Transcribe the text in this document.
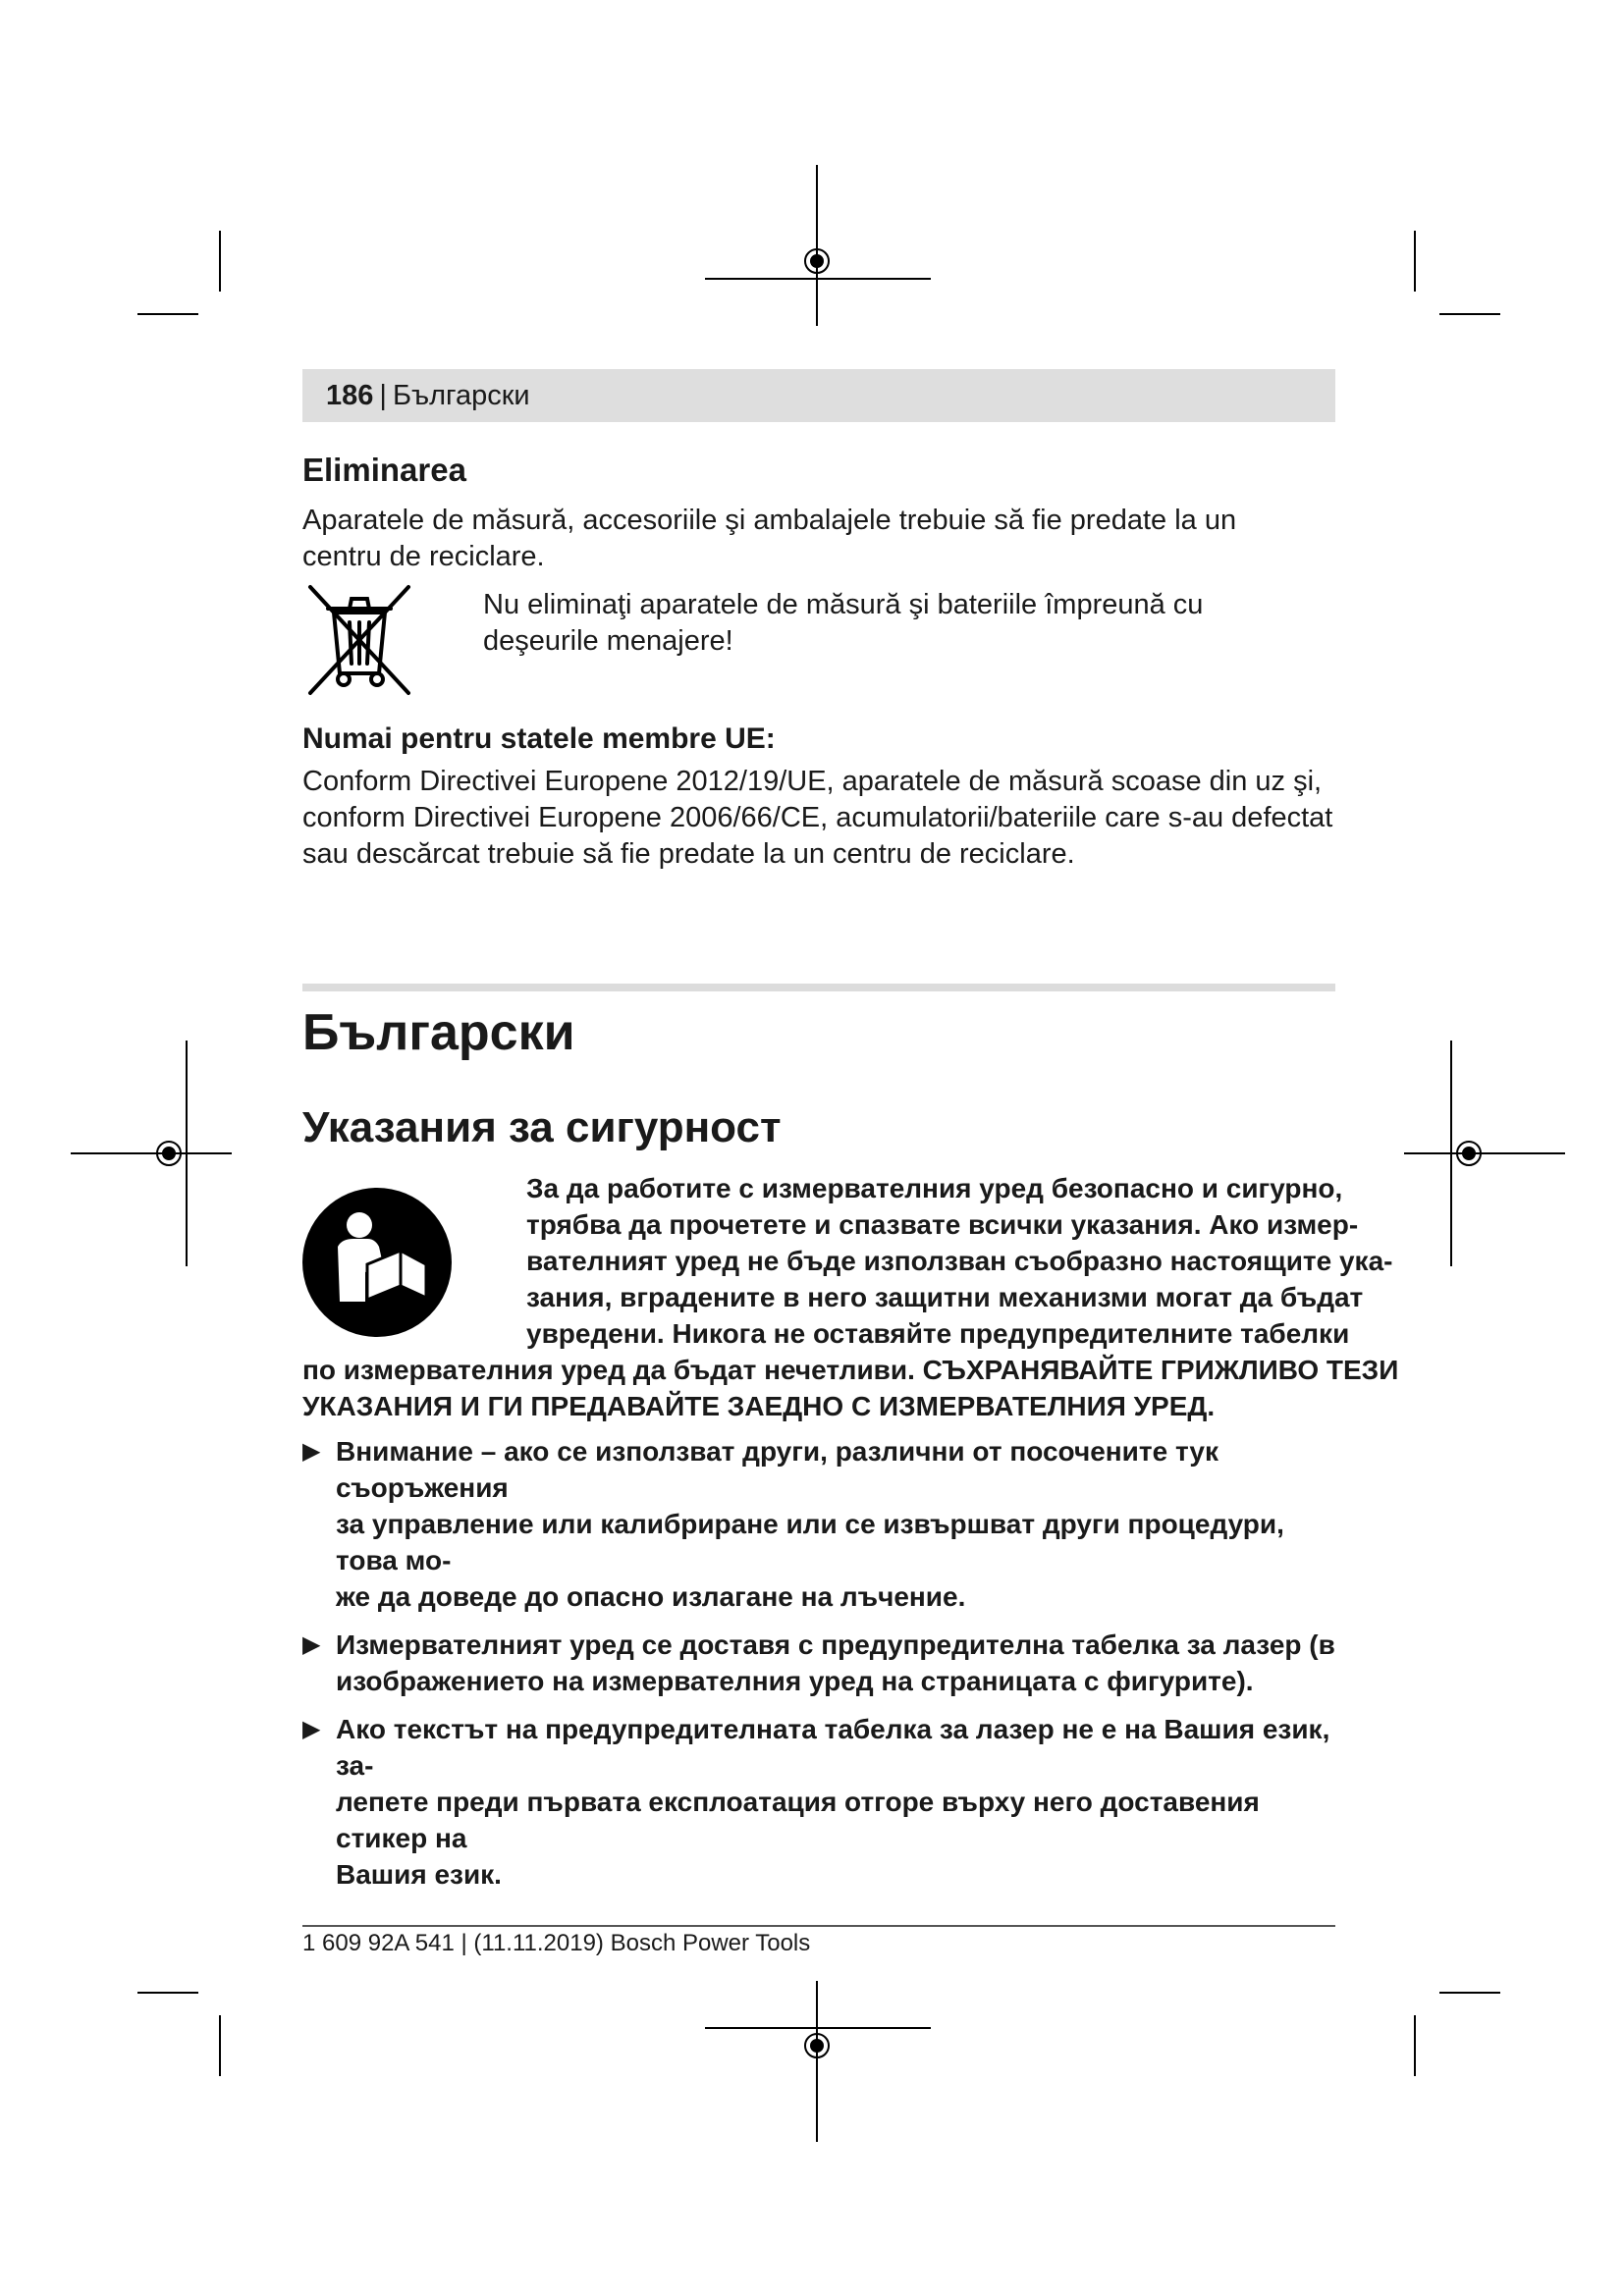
186 | Български
Eliminarea

Aparatele de măsură, accesoriile şi ambalajele trebuie să fie predate la un centru de reciclare.

Nu eliminaţi aparatele de măsură şi bateriile împreună cu deşeurile menajere!

Numai pentru statele membre UE:

Conform Directivei Europene 2012/19/UE, aparatele de măsură scoase din uz şi, conform Directivei Europene 2006/66/CE, acumulatorii/bateriile care s-au defectat sau descărcat trebuie să fie predate la un centru de reciclare.

Български
Указания за сигурност

За да работите с измервателния уред безопасно и сигурно,

трябва да прочетете и спазвате всички указания. Ако измер-

вателният уред не бъде използван съобразно настоящите ука-

зания, вградените в него защитни механизми могат да бъдат

увредени. Никога не оставяйте предупредителните табелки

по измервателния уред да бъдат нечетливи. СЪХРАНЯВАЙТЕ ГРИЖЛИВО ТЕЗИ

УКАЗАНИЯ И ГИ ПРЕДАВАЙТЕ ЗАЕДНО С ИЗМЕРВАТЕЛНИЯ УРЕД.

▶ Внимание – ако се използват други, различни от посочените тук съоръжения
за управление или калибриране или се извършват други процедури, това мо-
же да доведе до опасно излагане на лъчение.
▶ Измервателният уред се доставя с предупредителна табелка за лазер (в
изображението на измервателния уред на страницата с фигурите).
▶ Ако текстът на предупредителната табелка за лазер не е на Вашия език, за-
лепете преди първата експлоатация отгоре върху него доставения стикер на
Вашия език.
1 609 92A 541 | (11.11.2019) Bosch Power Tools
